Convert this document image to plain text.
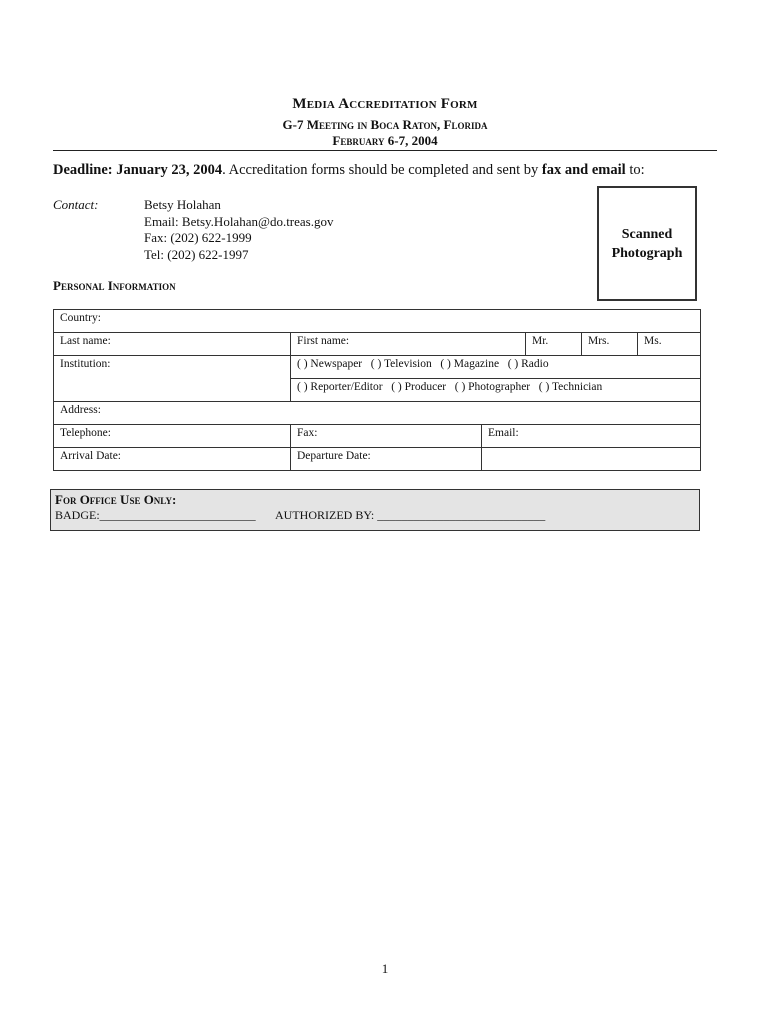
Media Accreditation Form
G-7 Meeting in Boca Raton, Florida
February 6-7, 2004
Deadline: January 23, 2004. Accreditation forms should be completed and sent by fax and email to:
Contact:	Betsy Holahan
Email: Betsy.Holahan@do.treas.gov
Fax: (202) 622-1999
Tel: (202) 622-1997
Scanned
Photograph
Personal Information
Country:					
Last name:	First name:		Mr.	Mrs.	Ms.
Institution:	( ) Newspaper   ( ) Television   ( ) Magazine   ( ) Radio				
	( ) Reporter/Editor   ( ) Producer   ( ) Photographer   ( ) Technician				
Address:					
Telephone:	Fax:	Email:			
Arrival Date:	Departure Date:				
For Office Use Only:
BADGE:__________________________ AUTHORIZED BY: ____________________________
1
